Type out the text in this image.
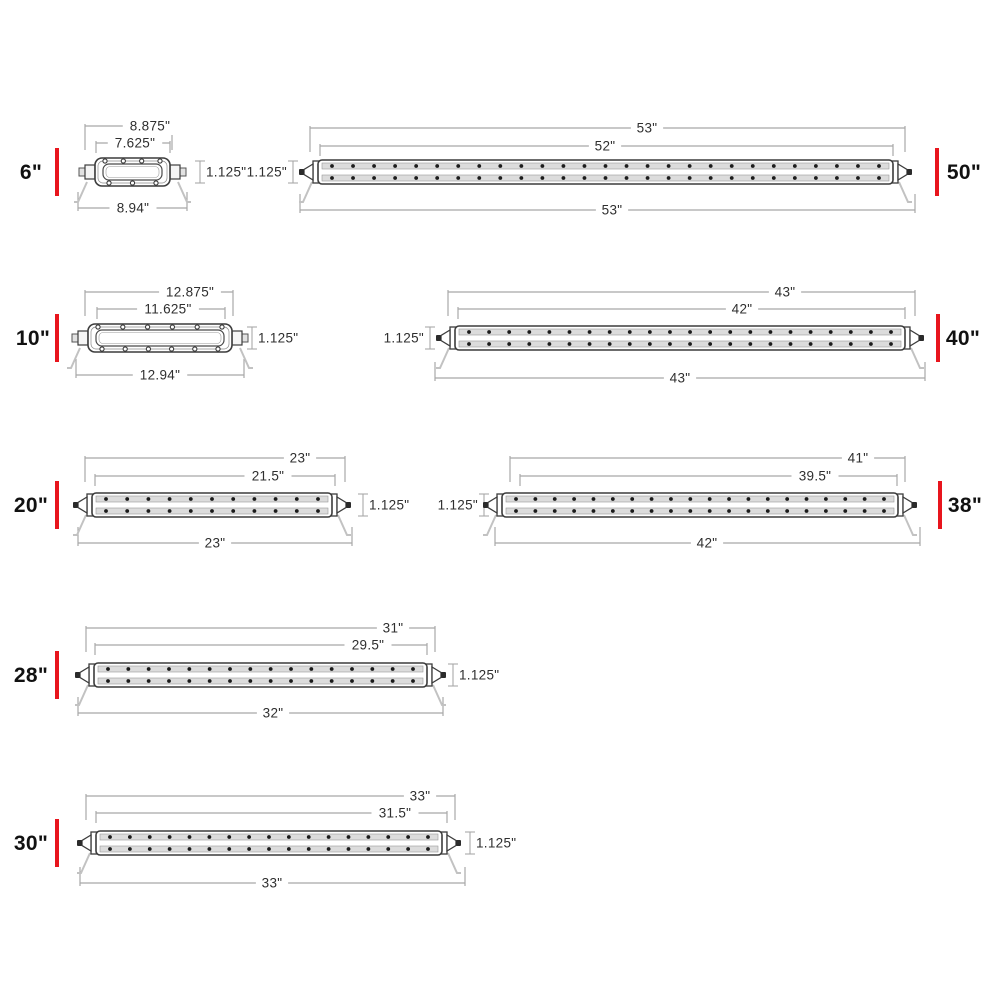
8.875"
7.625"
8.94"
1.125"
6"
53"
52"
53"
1.125"	50"
12.875"
11.625"
12.94"
1.125"
10"
43"
42"
43"
1.125"	40"
23"
21.5"
23"
1.125"
20"
41"
39.5"
42"
1.125"	38"
31"
29.5"
32"
1.125"
28"
33"
31.5"
33"
1.125"
30"
